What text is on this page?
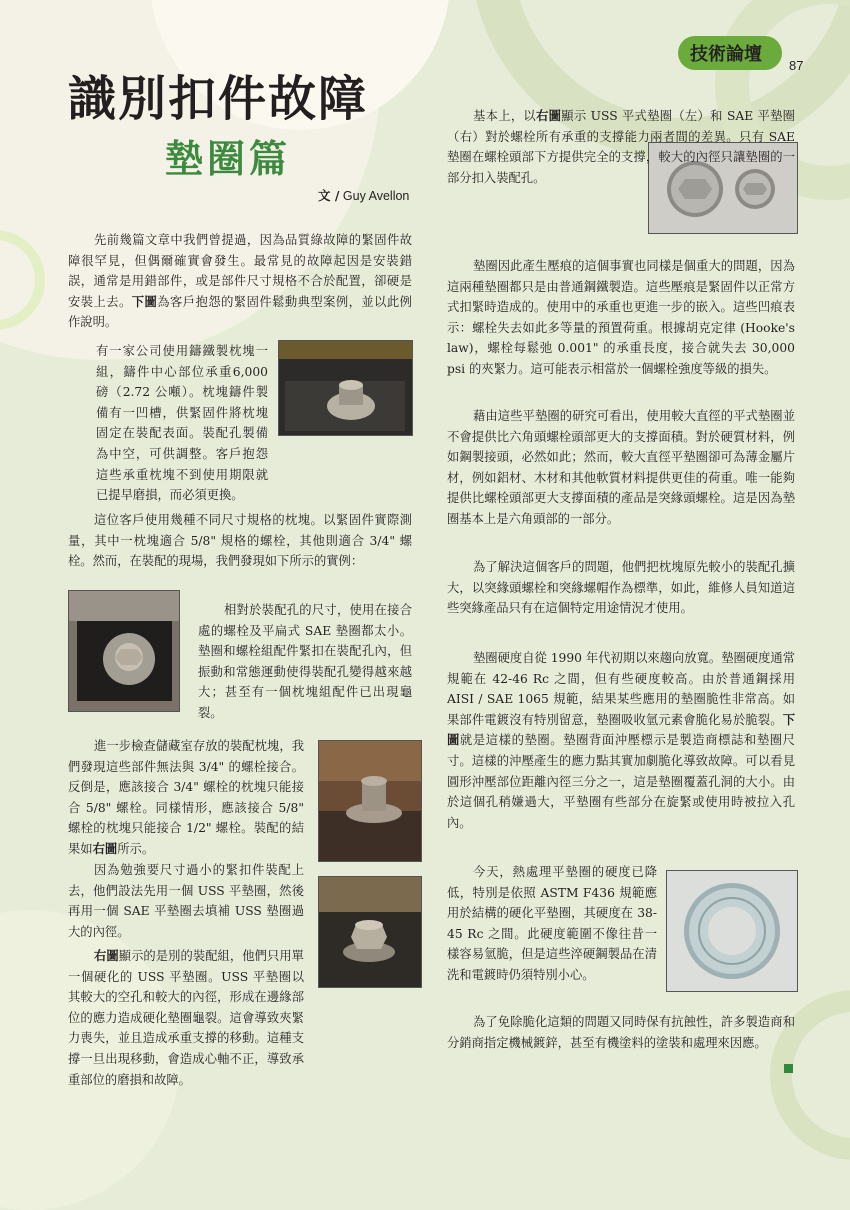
技術論壇
87
識別扣件故障
墊圈篇
文 / Guy Avellon

先前幾篇文章中我們曾提過，因為品質綠故障的緊固件故障很罕見，但偶爾確實會發生。最常見的故障起因是安裝錯誤，通常是用錯部件，或是部件尺寸規格不合於配置，卻硬是安裝上去。下圖為客戶抱怨的緊固件鬆動典型案例，並以此例作說明。

有一家公司使用鑄鐵製枕塊一組，鑄件中心部位承重6,000 磅（2.72 公噸）。枕塊鑄件製備有一凹槽，供緊固件將枕塊固定在裝配表面。裝配孔製備為中空，可供調整。客戶抱怨這些承重枕塊不到使用期限就已提早磨損，而必須更換。

這位客戶使用幾種不同尺寸規格的枕塊。以緊固件實際測量，其中一枕塊適合 5/8" 規格的螺栓，其他則適合 3/4" 螺栓。然而，在裝配的現場，我們發現如下所示的實例：

相對於裝配孔的尺寸，使用在接合處的螺栓及平扁式 SAE 墊圈都太小。墊圈和螺栓組配件緊扣在裝配孔內，但振動和常態運動使得裝配孔變得越來越大；甚至有一個枕塊組配件已出現龜裂。

進一步檢查儲藏室存放的裝配枕塊，我們發現這些部件無法與 3/4" 的螺栓接合。反倒是，應該接合 3/4" 螺栓的枕塊只能接合 5/8" 螺栓。同樣情形，應該接合 5/8" 螺栓的枕塊只能接合 1/2" 螺栓。裝配的結果如右圖所示。

因為勉強要尺寸過小的緊扣件裝配上去，他們設法先用一個 USS 平墊圈，然後再用一個 SAE 平墊圈去填補 USS 墊圈過大的內徑。

右圖顯示的是別的裝配組，他們只用單一個硬化的 USS 平墊圈。USS 平墊圈以其較大的空孔和較大的內徑，形成在邊緣部位的應力造成硬化墊圈龜裂。這會導致夾緊力喪失，並且造成承重支撐的移動。這種支撐一旦出現移動，會造成心軸不正，導致承重部位的磨損和故障。

基本上，以右圖顯示 USS 平式墊圈（左）和 SAE 平墊圈（右）對於螺栓所有承重的支撐能力兩者間的差異。只有 SAE 墊圈在螺栓頭部下方提供完全的支撐，較大的內徑只讓墊圈的一部分扣入裝配孔。

墊圈因此產生壓痕的這個事實也同樣是個重大的問題，因為這兩種墊圈都只是由普通鋼鐵製造。這些壓痕是緊固件以正常方式扣緊時造成的。使用中的承重也更進一步的嵌入。這些凹痕表示：螺栓失去如此多等量的預置荷重。根據胡克定律 (Hooke's law)，螺栓每鬆弛 0.001" 的承重長度，接合就失去 30,000 psi 的夾緊力。這可能表示相當於一個螺栓強度等級的損失。

藉由這些平墊圈的研究可看出，使用較大直徑的平式墊圈並不會提供比六角頭螺栓頭部更大的支撐面積。對於硬質材料，例如鋼製接頭，必然如此；然而，較大直徑平墊圈卻可為薄金屬片材，例如鋁材、木材和其他軟質材料提供更佳的荷重。唯一能夠提供比螺栓頭部更大支撐面積的產品是突緣頭螺栓。這是因為墊圈基本上是六角頭部的一部分。

為了解決這個客戶的問題，他們把枕塊原先較小的裝配孔擴大，以突緣頭螺栓和突緣螺帽作為標準，如此，維修人員知道這些突緣產品只有在這個特定用途情況才使用。

墊圈硬度自從 1990 年代初期以來趨向放寬。墊圈硬度通常規範在 42-46 Rc 之間，但有些硬度較高。由於普通鋼採用 AISI / SAE 1065 規範，結果某些應用的墊圈脆性非常高。如果部件電鍍沒有特別留意，墊圈吸收氫元素會脆化易於脆裂。下圖就是這樣的墊圈。墊圈背面沖壓標示是製造商標誌和墊圈尺寸。這樣的沖壓產生的應力點其實加劇脆化導致故障。可以看見圓形沖壓部位距離內徑三分之一，這是墊圈覆蓋孔洞的大小。由於這個孔稍嫌過大，平墊圈有些部分在旋緊或使用時被拉入孔內。

今天，熱處理平墊圈的硬度已降低，特別是依照 ASTM F436 規範應用於結構的硬化平墊圈，其硬度在 38-45 Rc 之間。此硬度範圍不像往昔一樣容易氫脆，但是這些淬硬鋼製品在清洗和電鍍時仍須特別小心。

為了免除脆化這類的問題又同時保有抗蝕性，許多製造商和分銷商指定機械鍍鋅，甚至有機塗料的塗裝和處理來因應。
